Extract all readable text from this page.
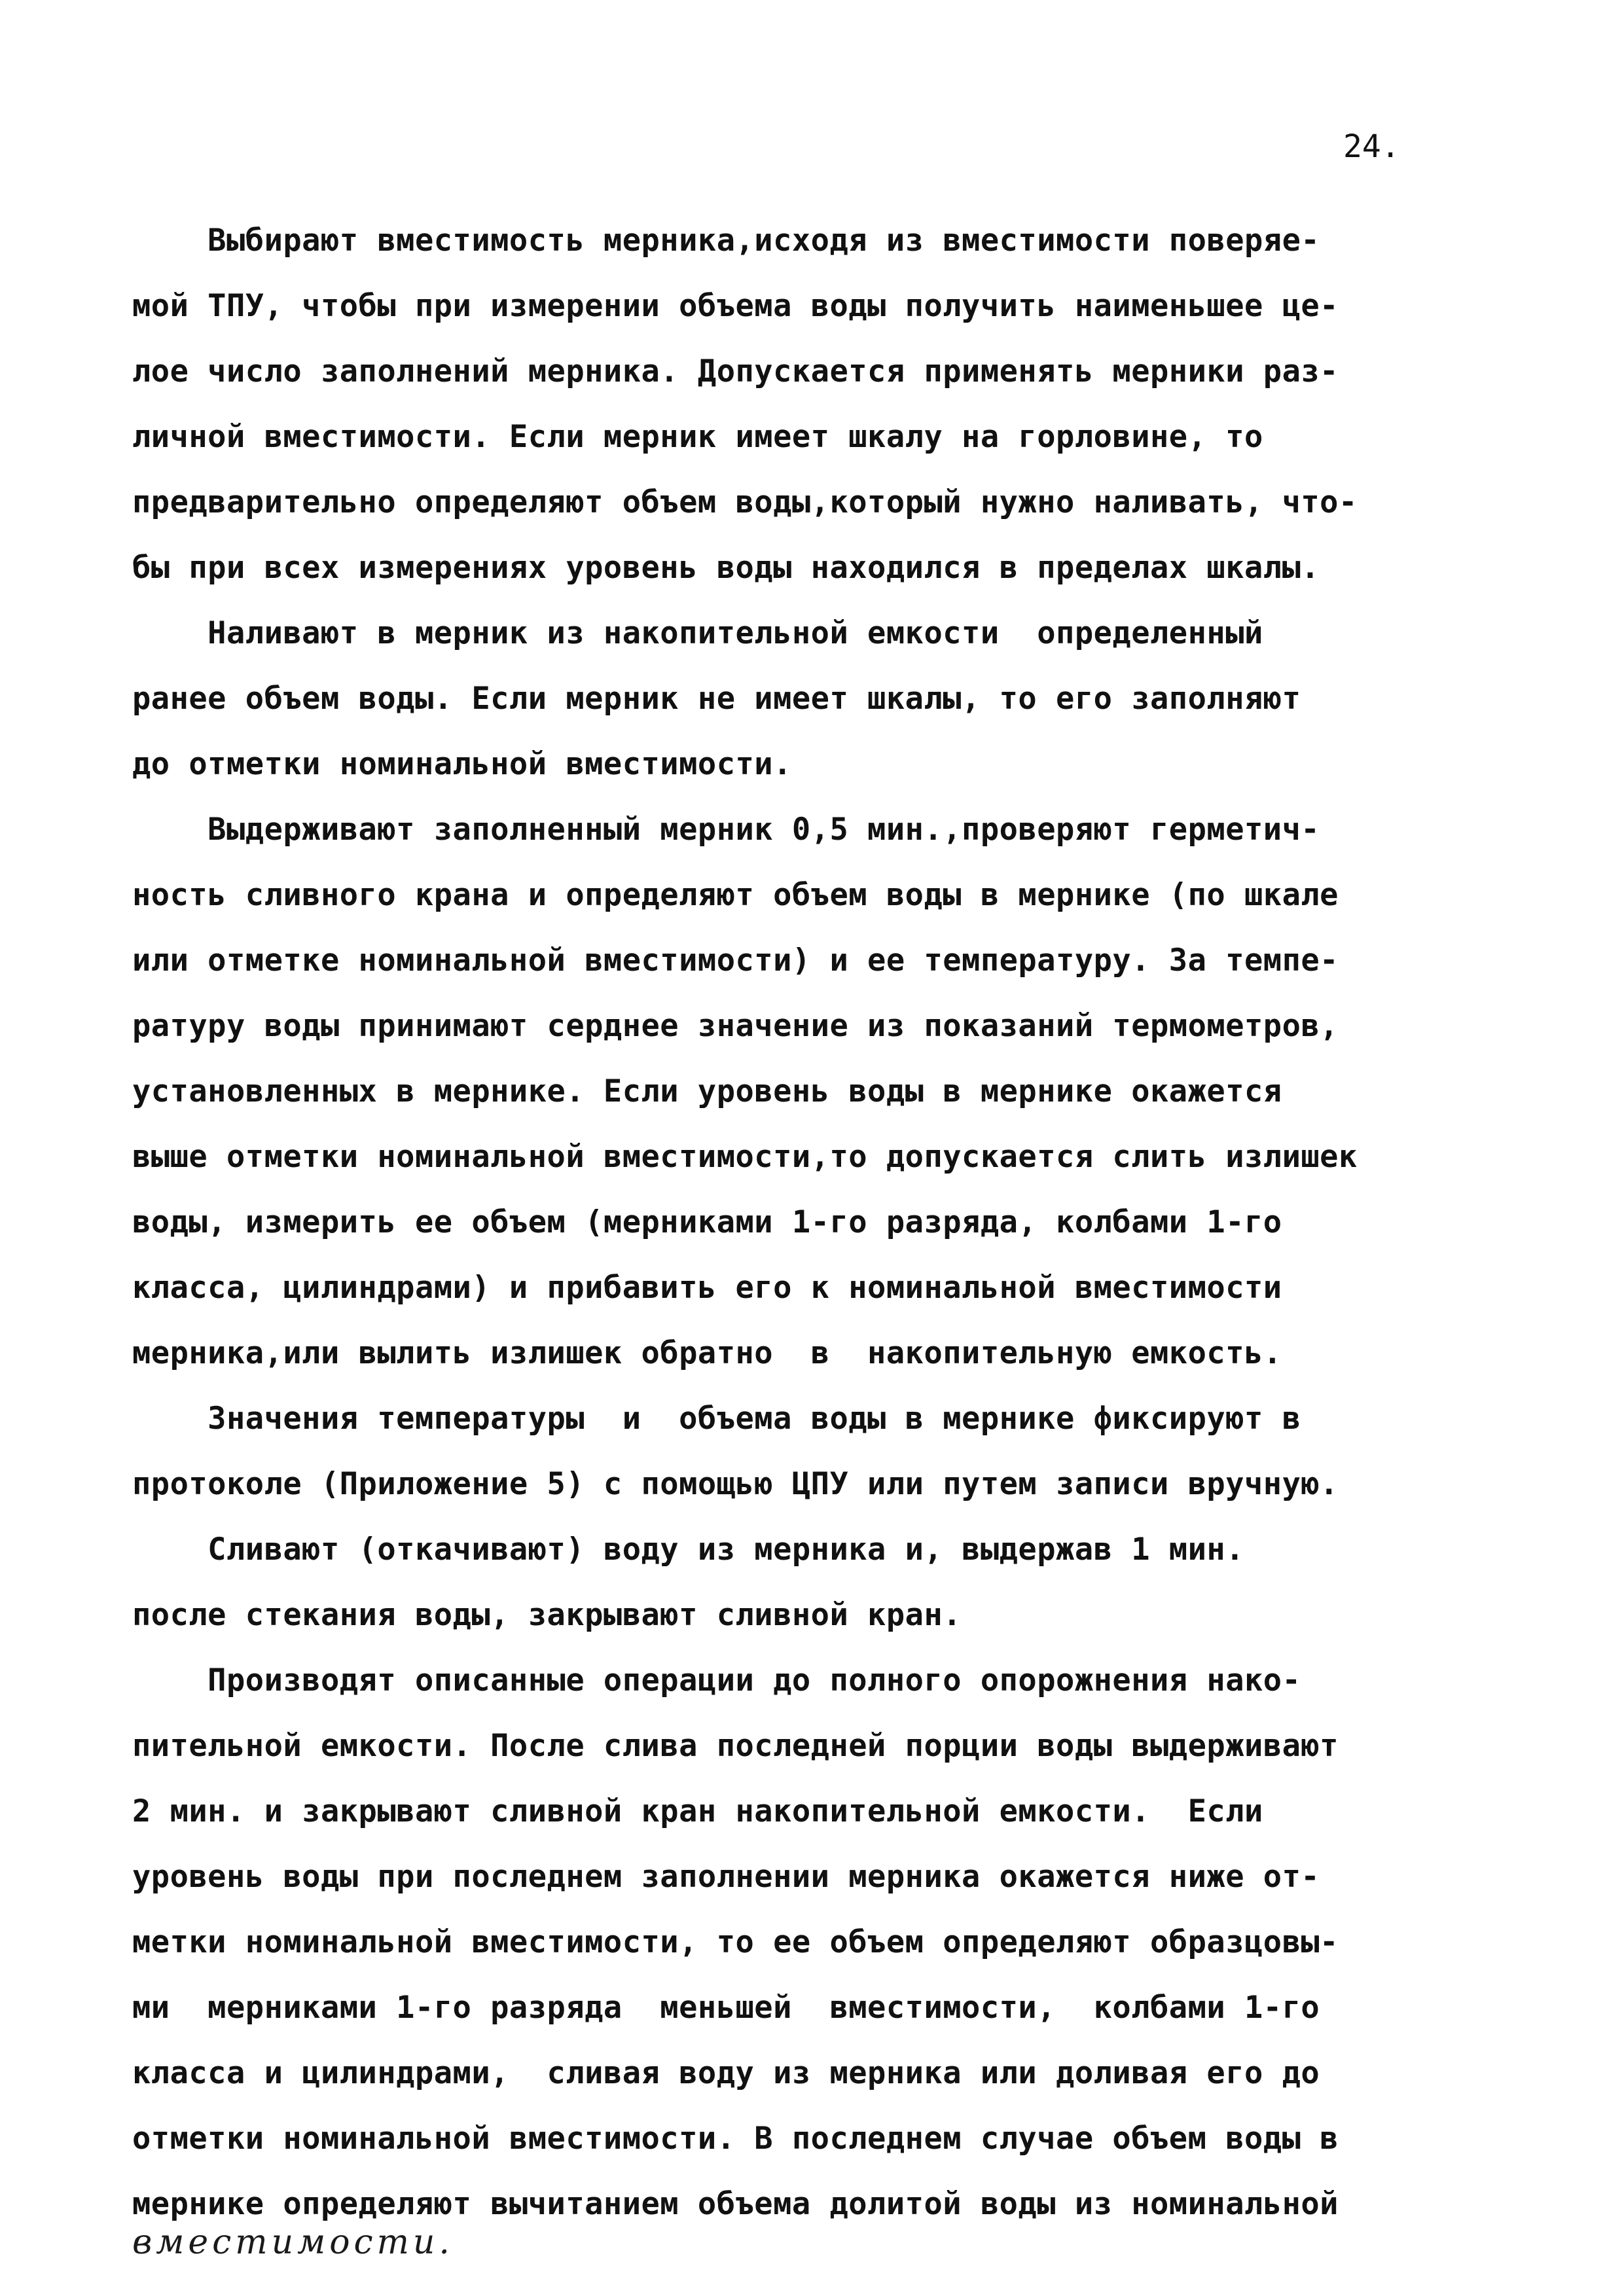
24.
Выбирают вместимость мерника,исходя из вместимости поверяе-
мой ТПУ, чтобы при измерении объема воды получить наименьшее це-
лое число заполнений мерника. Допускается применять мерники раз-
личной вместимости. Если мерник имеет шкалу на горловине, то
предварительно определяют объем воды,который нужно наливать, что-
бы при всех измерениях уровень воды находился в пределах шкалы.
Наливают в мерник из накопительной емкости  определенный
ранее объем воды. Если мерник не имеет шкалы, то его заполняют
до отметки номинальной вместимости.
Выдерживают заполненный мерник 0,5 мин.,проверяют герметич-
ность сливного крана и определяют объем воды в мернике (по шкале
или отметке номинальной вместимости) и ее температуру. За темпе-
ратуру воды принимают серднее значение из показаний термометров,
установленных в мернике. Если уровень воды в мернике окажется
выше отметки номинальной вместимости,то допускается слить излишек
воды, измерить ее объем (мерниками 1-го разряда, колбами 1-го
класса, цилиндрами) и прибавить его к номинальной вместимости
мерника,или вылить излишек обратно  в  накопительную емкость.
Значения температуры  и  объема воды в мернике фиксируют в
протоколе (Приложение 5) с помощью ЦПУ или путем записи вручную.
Сливают (откачивают) воду из мерника и, выдержав 1 мин.
после стекания воды, закрывают сливной кран.
Производят описанные операции до полного опорожнения нако-
пительной емкости. После слива последней порции воды выдерживают
2 мин. и закрывают сливной кран накопительной емкости.  Если
уровень воды при последнем заполнении мерника окажется ниже от-
метки номинальной вместимости, то ее объем определяют образцовы-
ми  мерниками 1-го разряда  меньшей  вместимости,  колбами 1-го
класса и цилиндрами,  сливая воду из мерника или доливая его до
отметки номинальной вместимости. В последнем случае объем воды в
мернике определяют вычитанием объема долитой воды из номинальной
вместимости.
